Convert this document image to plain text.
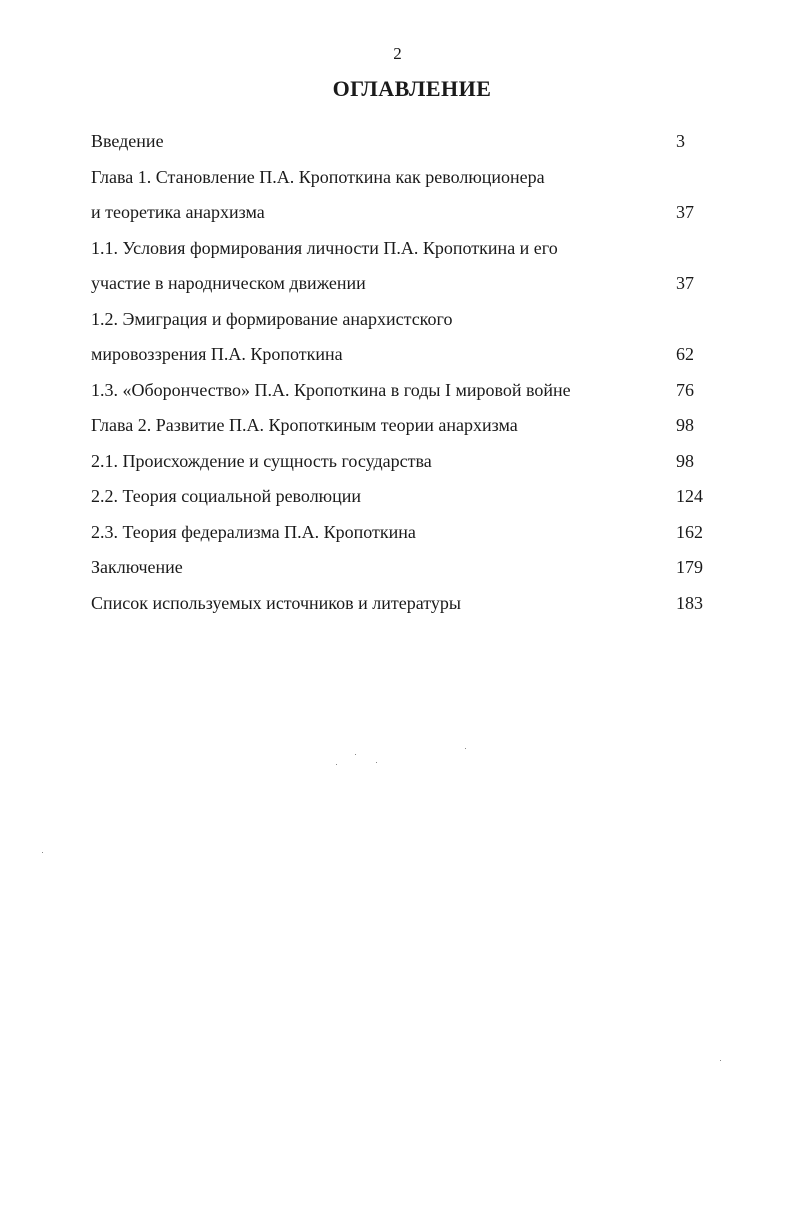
2
ОГЛАВЛЕНИЕ
Введение	3
Глава 1. Становление П.А. Кропоткина как революционера
и теоретика анархизма	37
1.1. Условия формирования личности П.А. Кропоткина и его
участие в народническом движении	37
1.2. Эмиграция и формирование анархистского
мировоззрения П.А. Кропоткина	62
1.3. «Оборончество» П.А. Кропоткина в годы I мировой войне	76
Глава 2. Развитие П.А. Кропоткиным теории анархизма	98
2.1. Происхождение и сущность государства	98
2.2. Теория социальной революции	124
2.3. Теория федерализма П.А. Кропоткина	162
Заключение	179
Список используемых источников и литературы	183
